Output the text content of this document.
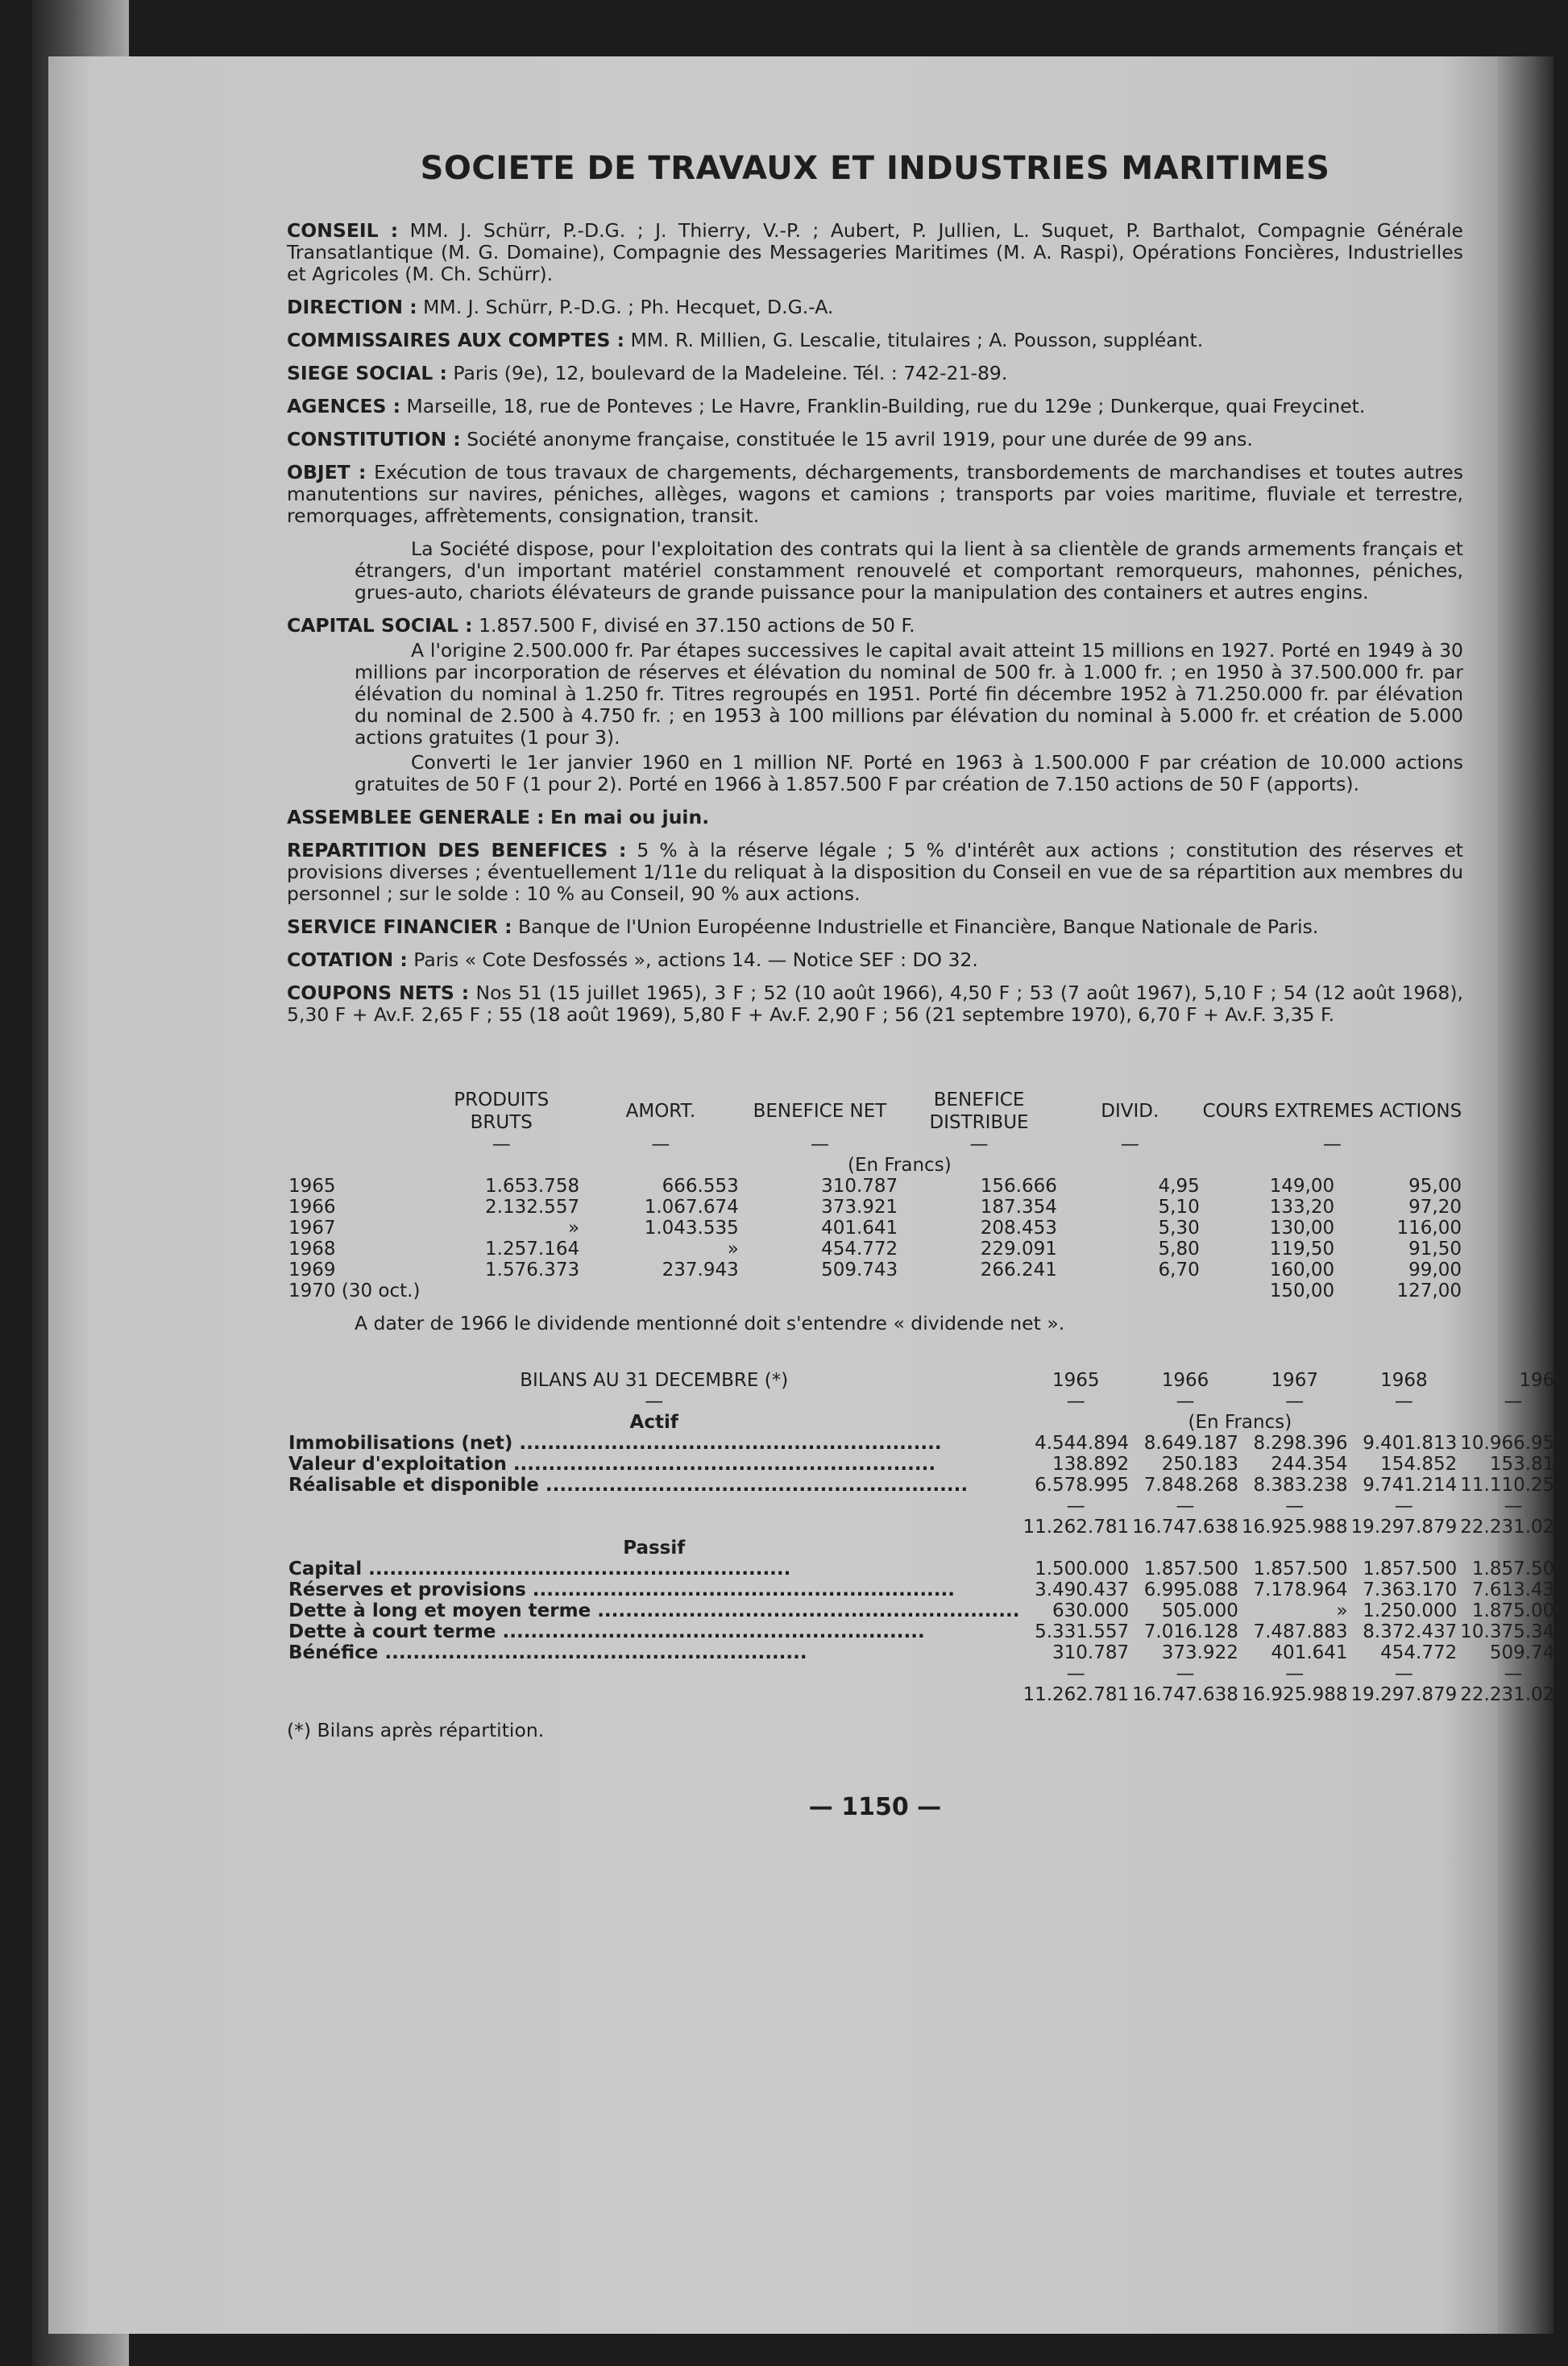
SOCIETE DE TRAVAUX ET INDUSTRIES MARITIMES
CONSEIL : MM. J. Schürr, P.-D.G. ; J. Thierry, V.-P. ; Aubert, P. Jullien, L. Suquet, P. Barthalot, Compagnie Générale Transatlantique (M. G. Domaine), Compagnie des Messageries Maritimes (M. A. Raspi), Opérations Foncières, Industrielles et Agricoles (M. Ch. Schürr).
DIRECTION : MM. J. Schürr, P.-D.G. ; Ph. Hecquet, D.G.-A.
COMMISSAIRES AUX COMPTES : MM. R. Millien, G. Lescalie, titulaires ; A. Pousson, suppléant.
SIEGE SOCIAL : Paris (9e), 12, boulevard de la Madeleine. Tél. : 742-21-89.
AGENCES : Marseille, 18, rue de Ponteves ; Le Havre, Franklin-Building, rue du 129e ; Dunkerque, quai Freycinet.
CONSTITUTION : Société anonyme française, constituée le 15 avril 1919, pour une durée de 99 ans.
OBJET : Exécution de tous travaux de chargements, déchargements, transbordements de marchandises et toutes autres manutentions sur navires, péniches, allèges, wagons et camions ; transports par voies maritime, fluviale et terrestre, remorquages, affrètements, consignation, transit.
La Société dispose, pour l'exploitation des contrats qui la lient à sa clientèle de grands armements français et étrangers, d'un important matériel constamment renouvelé et comportant remorqueurs, mahonnes, péniches, grues-auto, chariots élévateurs de grande puissance pour la manipulation des containers et autres engins.
CAPITAL SOCIAL : 1.857.500 F, divisé en 37.150 actions de 50 F.
A l'origine 2.500.000 fr. Par étapes successives le capital avait atteint 15 millions en 1927. Porté en 1949 à 30 millions par incorporation de réserves et élévation du nominal de 500 fr. à 1.000 fr. ; en 1950 à 37.500.000 fr. par élévation du nominal à 1.250 fr. Titres regroupés en 1951. Porté fin décembre 1952 à 71.250.000 fr. par élévation du nominal de 2.500 à 4.750 fr. ; en 1953 à 100 millions par élévation du nominal à 5.000 fr. et création de 5.000 actions gratuites (1 pour 3).
Converti le 1er janvier 1960 en 1 million NF. Porté en 1963 à 1.500.000 F par création de 10.000 actions gratuites de 50 F (1 pour 2). Porté en 1966 à 1.857.500 F par création de 7.150 actions de 50 F (apports).
ASSEMBLEE GENERALE : En mai ou juin.
REPARTITION DES BENEFICES : 5 % à la réserve légale ; 5 % d'intérêt aux actions ; constitution des réserves et provisions diverses ; éventuellement 1/11e du reliquat à la disposition du Conseil en vue de sa répartition aux membres du personnel ; sur le solde : 10 % au Conseil, 90 % aux actions.
SERVICE FINANCIER : Banque de l'Union Européenne Industrielle et Financière, Banque Nationale de Paris.
COTATION : Paris « Cote Desfossés », actions 14. — Notice SEF : DO 32.
COUPONS NETS : Nos 51 (15 juillet 1965), 3 F ; 52 (10 août 1966), 4,50 F ; 53 (7 août 1967), 5,10 F ; 54 (12 août 1968), 5,30 F + Av.F. 2,65 F ; 55 (18 août 1969), 5,80 F + Av.F. 2,90 F ; 56 (21 septembre 1970), 6,70 F + Av.F. 3,35 F.
	PRODUITS BRUTS	AMORT.	BENEFICE NET	BENEFICE DISTRIBUE	DIVID.	COURS EXTREMES ACTIONS	
	—	—	—	—	—	—	
			(En Francs)				
1965	1.653.758	666.553	310.787	156.666	4,95	149,00	95,00
1966	2.132.557	1.067.674	373.921	187.354	5,10	133,20	97,20
1967	»	1.043.535	401.641	208.453	5,30	130,00	116,00
1968	1.257.164	»	454.772	229.091	5,80	119,50	91,50
1969	1.576.373	237.943	509.743	266.241	6,70	160,00	99,00
1970 (30 oct.)						150,00	127,00
A dater de 1966 le dividende mentionné doit s'entendre « dividende net ».
BILANS AU 31 DECEMBRE (*)	1965	1966	1967	1968	1969
—	—	—	—	—	—
Actif		(En Francs)			
Immobilisations (net) ............................................................	4.544.894	8.649.187	8.298.396	9.401.813	10.966.957
Valeur d'exploitation ............................................................	138.892	250.183	244.354	154.852	153.814
Réalisable et disponible ............................................................	6.578.995	7.848.268	8.383.238	9.741.214	11.110.254
	—	—	—	—	—
	11.262.781	16.747.638	16.925.988	19.297.879	22.231.025
Passif					
Capital ............................................................	1.500.000	1.857.500	1.857.500	1.857.500	1.857.500
Réserves et provisions ............................................................	3.490.437	6.995.088	7.178.964	7.363.170	7.613.433
Dette à long et moyen terme ............................................................	630.000	505.000	»	1.250.000	1.875.000
Dette à court terme ............................................................	5.331.557	7.016.128	7.487.883	8.372.437	10.375.349
Bénéfice ............................................................	310.787	373.922	401.641	454.772	509.743
	—	—	—	—	—
	11.262.781	16.747.638	16.925.988	19.297.879	22.231.025
(*) Bilans après répartition.
— 1150 —
